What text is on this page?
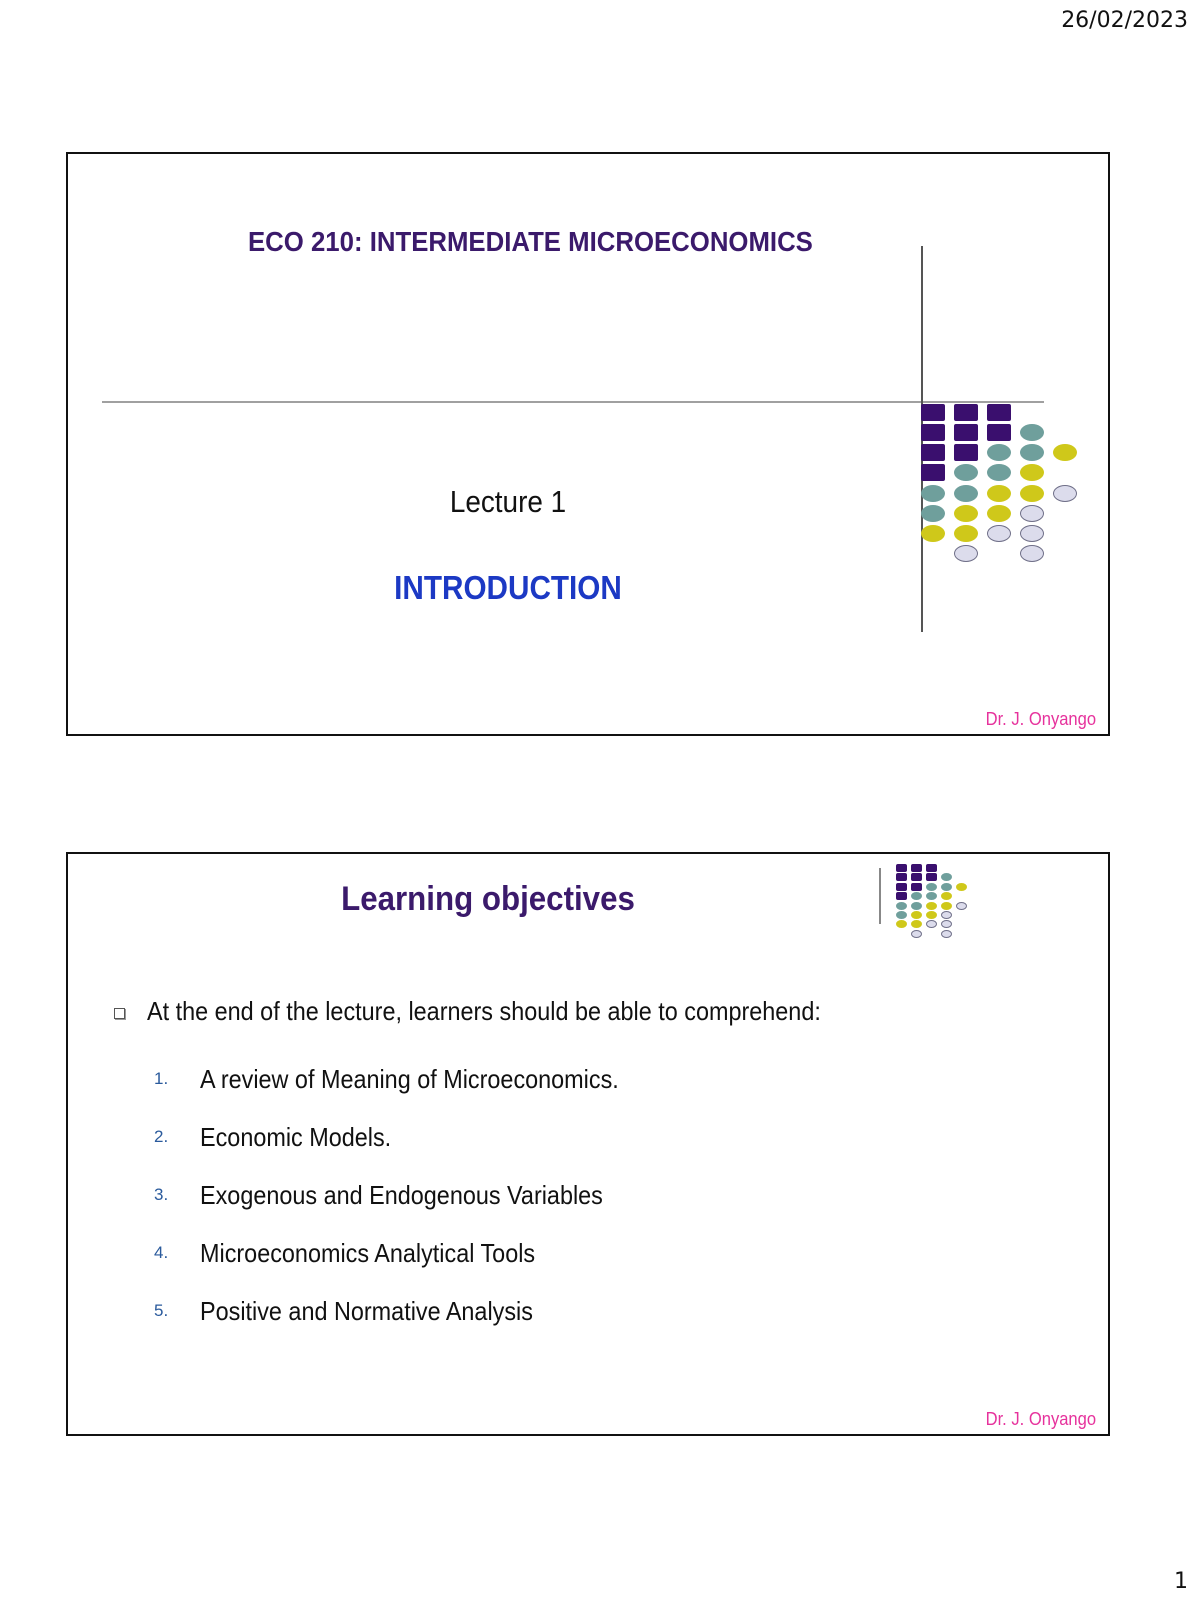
26/02/2023
ECO 210: INTERMEDIATE MICROECONOMICS
Lecture 1
INTRODUCTION
Dr. J. Onyango
Learning objectives
At the end of the lecture, learners should be able to comprehend:
1.	A review of Meaning of Microeconomics.
2.	Economic Models.
3.	Exogenous and Endogenous Variables
4.	Microeconomics Analytical Tools
5.	Positive and Normative Analysis
Dr. J. Onyango
1
